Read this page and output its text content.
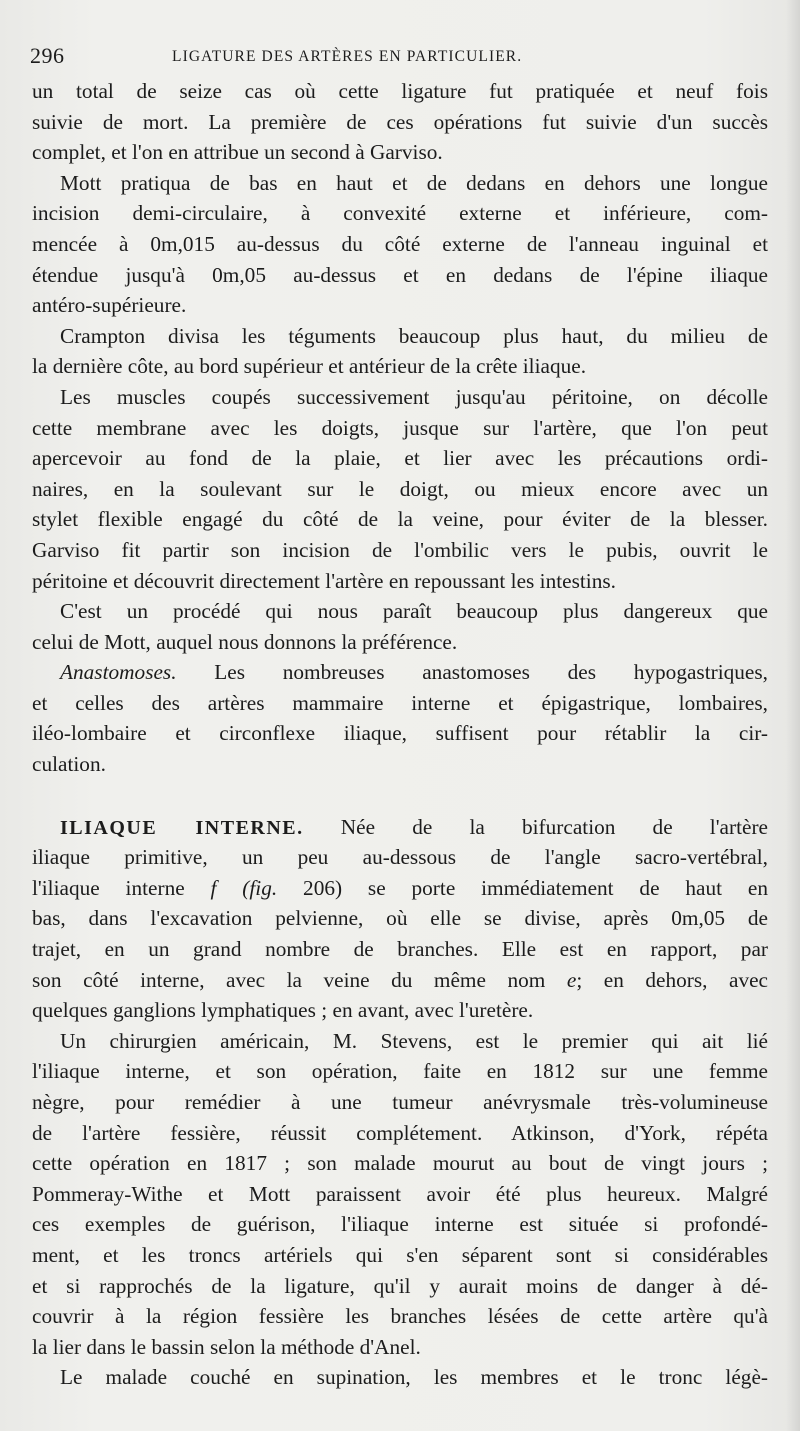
296	LIGATURE DES ARTÈRES EN PARTICULIER.
un total de seize cas où cette ligature fut pratiquée et neuf fois
suivie de mort. La première de ces opérations fut suivie d'un succès
complet, et l'on en attribue un second à Garviso.
Mott pratiqua de bas en haut et de dedans en dehors une longue
incision demi-circulaire, à convexité externe et inférieure, com-
mencée à 0m,015 au-dessus du côté externe de l'anneau inguinal et
étendue jusqu'à 0m,05 au-dessus et en dedans de l'épine iliaque
antéro-supérieure.
Crampton divisa les téguments beaucoup plus haut, du milieu de
la dernière côte, au bord supérieur et antérieur de la crête iliaque.
Les muscles coupés successivement jusqu'au péritoine, on décolle
cette membrane avec les doigts, jusque sur l'artère, que l'on peut
apercevoir au fond de la plaie, et lier avec les précautions ordi-
naires, en la soulevant sur le doigt, ou mieux encore avec un
stylet flexible engagé du côté de la veine, pour éviter de la blesser.
Garviso fit partir son incision de l'ombilic vers le pubis, ouvrit le
péritoine et découvrit directement l'artère en repoussant les intestins.
C'est un procédé qui nous paraît beaucoup plus dangereux que
celui de Mott, auquel nous donnons la préférence.
Anastomoses. Les nombreuses anastomoses des hypogastriques,
et celles des artères mammaire interne et épigastrique, lombaires,
iléo-lombaire et circonflexe iliaque, suffisent pour rétablir la cir-
culation.
ILIAQUE INTERNE. Née de la bifurcation de l'artère
iliaque primitive, un peu au-dessous de l'angle sacro-vertébral,
l'iliaque interne f (fig. 206) se porte immédiatement de haut en
bas, dans l'excavation pelvienne, où elle se divise, après 0m,05 de
trajet, en un grand nombre de branches. Elle est en rapport, par
son côté interne, avec la veine du même nom e; en dehors, avec
quelques ganglions lymphatiques ; en avant, avec l'uretère.
Un chirurgien américain, M. Stevens, est le premier qui ait lié
l'iliaque interne, et son opération, faite en 1812 sur une femme
nègre, pour remédier à une tumeur anévrysmale très-volumineuse
de l'artère fessière, réussit complétement. Atkinson, d'York, répéta
cette opération en 1817 ; son malade mourut au bout de vingt jours ;
Pommeray-Withe et Mott paraissent avoir été plus heureux. Malgré
ces exemples de guérison, l'iliaque interne est située si profondé-
ment, et les troncs artériels qui s'en séparent sont si considérables
et si rapprochés de la ligature, qu'il y aurait moins de danger à dé-
couvrir à la région fessière les branches lésées de cette artère qu'à
la lier dans le bassin selon la méthode d'Anel.
Le malade couché en supination, les membres et le tronc légè-
